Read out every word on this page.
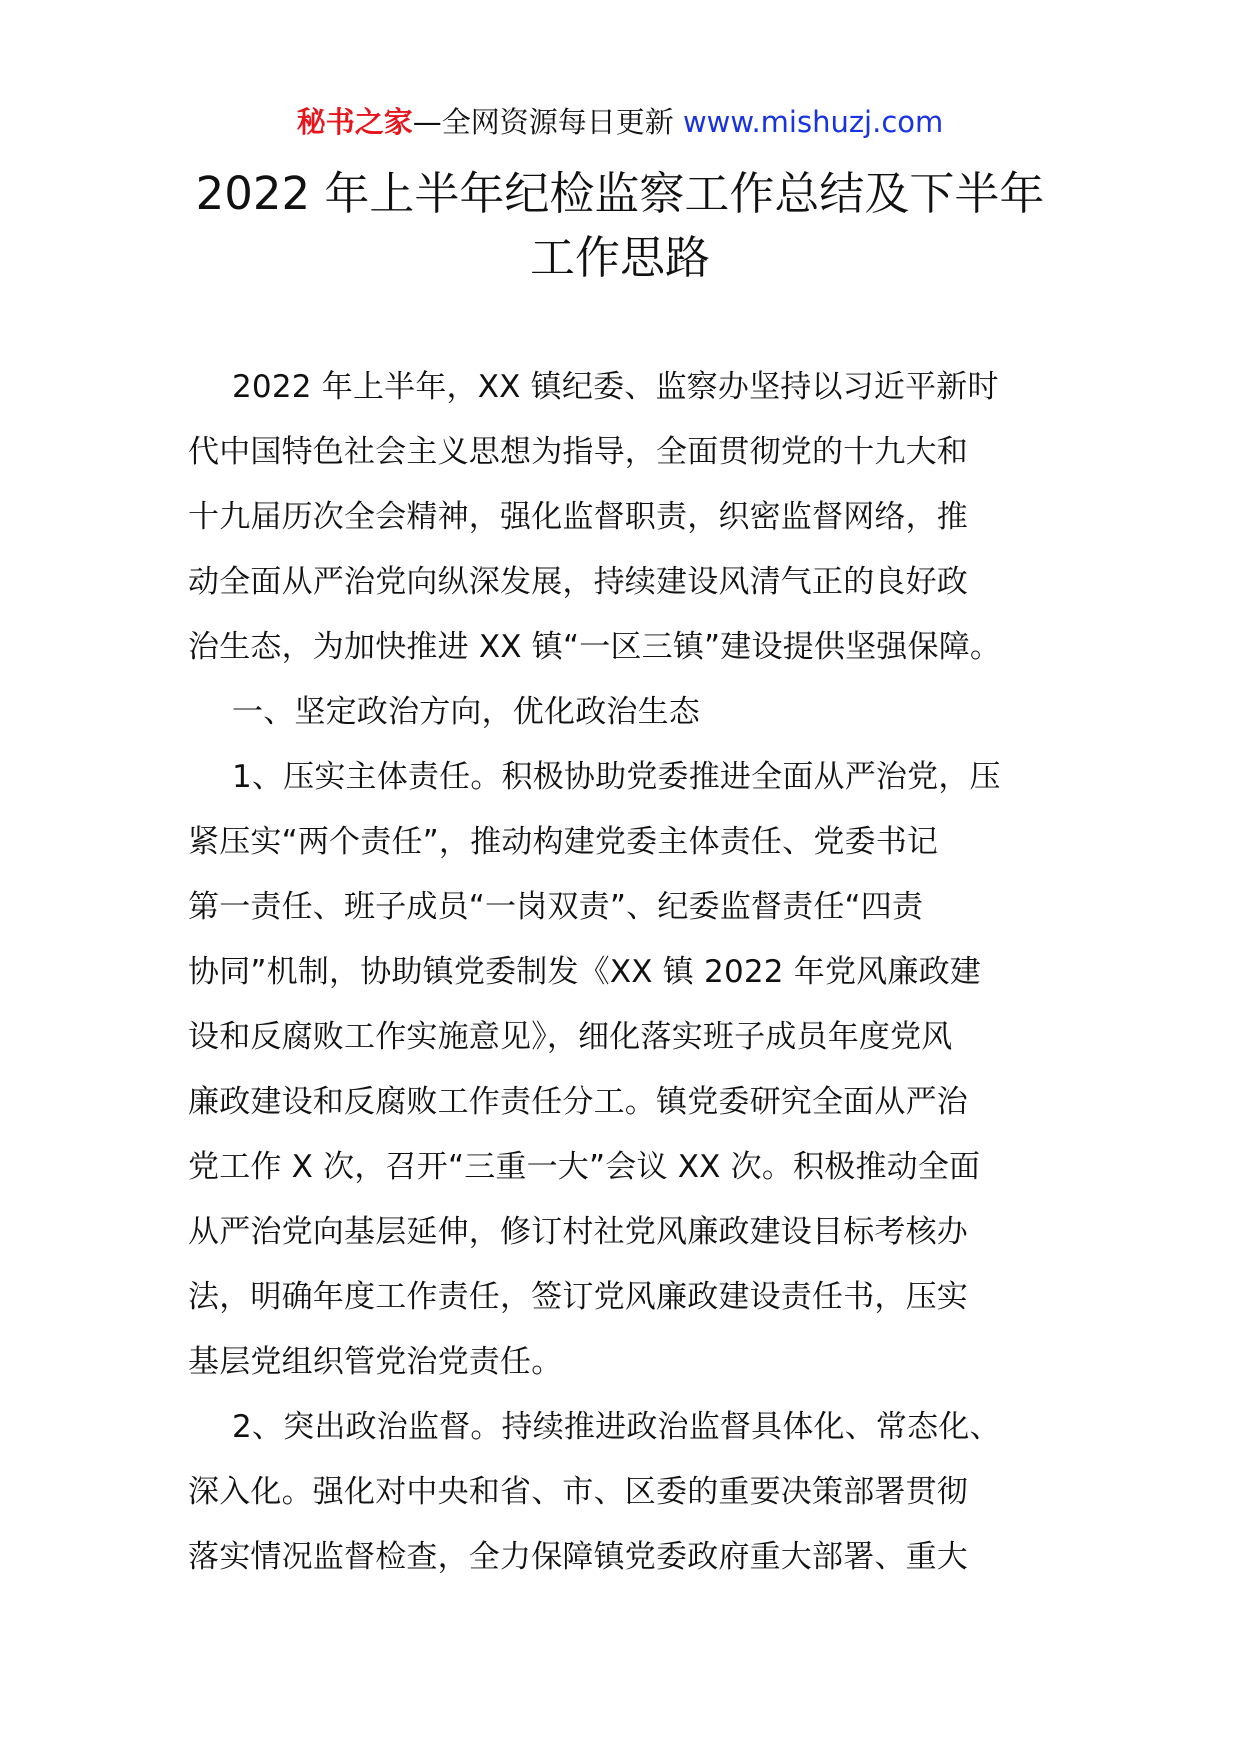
秘书之家—全网资源每日更新 www.mishuzj.com
2022 年上半年纪检监察工作总结及下半年
工作思路
2022 年上半年，XX 镇纪委、监察办坚持以习近平新时
代中国特色社会主义思想为指导，全面贯彻党的十九大和
十九届历次全会精神，强化监督职责，织密监督网络，推
动全面从严治党向纵深发展，持续建设风清气正的良好政
治生态，为加快推进 XX 镇“一区三镇”建设提供坚强保障。
一、坚定政治方向，优化政治生态
1、压实主体责任。积极协助党委推进全面从严治党，压
紧压实“两个责任”，推动构建党委主体责任、党委书记
第一责任、班子成员“一岗双责”、纪委监督责任“四责
协同”机制，协助镇党委制发《XX 镇 2022 年党风廉政建
设和反腐败工作实施意见》，细化落实班子成员年度党风
廉政建设和反腐败工作责任分工。镇党委研究全面从严治
党工作 X 次，召开“三重一大”会议 XX 次。积极推动全面
从严治党向基层延伸，修订村社党风廉政建设目标考核办
法，明确年度工作责任，签订党风廉政建设责任书，压实
基层党组织管党治党责任。
2、突出政治监督。持续推进政治监督具体化、常态化、
深入化。强化对中央和省、市、区委的重要决策部署贯彻
落实情况监督检查，全力保障镇党委政府重大部署、重大
